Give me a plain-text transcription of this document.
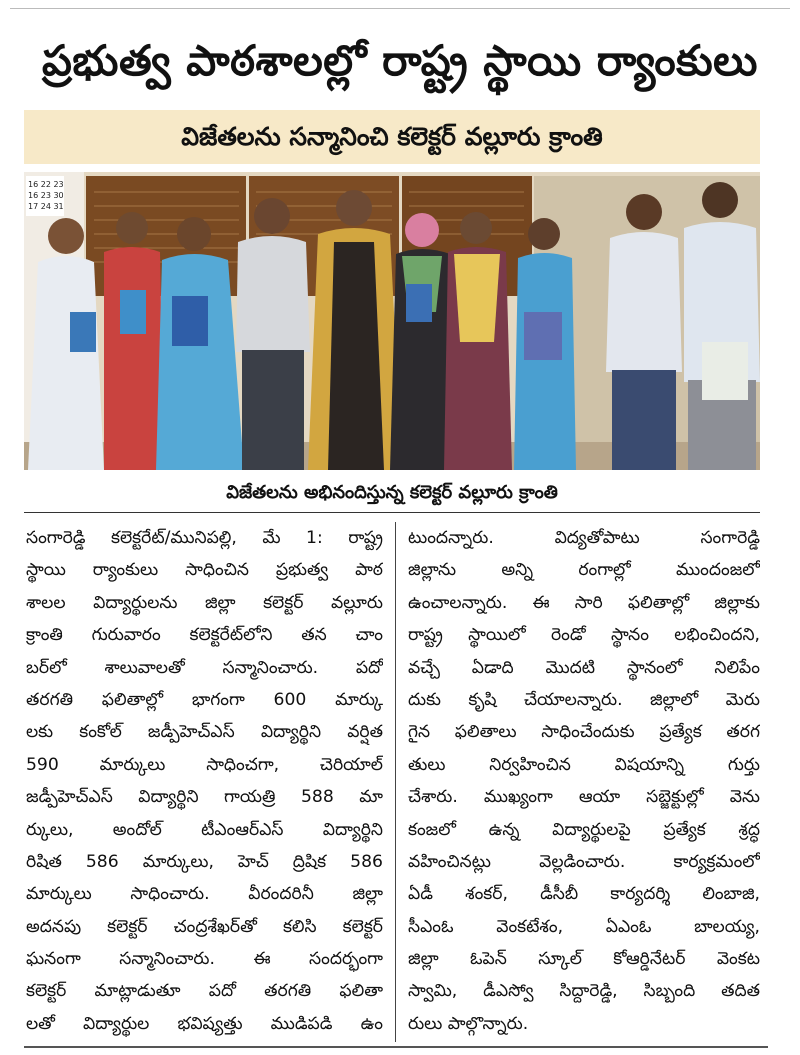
ప్రభుత్వ పాఠశాలల్లో రాష్ట్ర స్థాయి ర్యాంకులు
విజేతలను సన్మానించి కలెక్టర్ వల్లూరు క్రాంతి
16 22 23
16 23 30
17 24 31
విజేతలను అభినందిస్తున్న కలెక్టర్ వల్లూరు క్రాంతి
సంగారెడ్డి కలెక్టరేట్/మునిపల్లి, మే 1: రాష్ట్ర
స్థాయి ర్యాంకులు సాధించిన ప్రభుత్వ పాఠ
శాలల విద్యార్థులను జిల్లా కలెక్టర్ వల్లూరు
క్రాంతి గురువారం కలెక్టరేట్‌లోని తన చాం
బర్‌లో శాలువాలతో సన్మానించారు. పదో
తరగతి ఫలితాల్లో భాగంగా 600 మార్కు
లకు కంకోల్ జడ్పీహెచ్‌ఎస్ విద్యార్థిని వర్షిత
590 మార్కులు సాధించగా, చెరియాల్
జడ్పీహెచ్‌ఎస్ విద్యార్థిని గాయత్రి 588 మా
ర్కులు, అందోల్ టీఎంఆర్‌ఎస్ విద్యార్థిని
రిషిత 586 మార్కులు, హెచ్ ద్రిషిక 586
మార్కులు సాధించారు. వీరందరినీ జిల్లా
అదనపు కలెక్టర్ చంద్రశేఖర్‌తో కలిసి కలెక్టర్
ఘనంగా సన్మానించారు. ఈ సందర్భంగా
కలెక్టర్ మాట్లాడుతూ పదో తరగతి ఫలితా
లతో విద్యార్థుల భవిష్యత్తు ముడిపడి ఉం
టుందన్నారు. విద్యతోపాటు సంగారెడ్డి
జిల్లాను అన్ని రంగాల్లో ముందంజలో
ఉంచాలన్నారు. ఈ సారి ఫలితాల్లో జిల్లాకు
రాష్ట్ర స్థాయిలో రెండో స్థానం లభించిందని,
వచ్చే ఏడాది మొదటి స్థానంలో నిలిపేం
దుకు కృషి చేయాలన్నారు. జిల్లాలో మెరు
గైన ఫలితాలు సాధించేందుకు ప్రత్యేక తరగ
తులు నిర్వహించిన విషయాన్ని గుర్తు
చేశారు. ముఖ్యంగా ఆయా సబ్జెక్టుల్లో వెను
కంజలో ఉన్న విద్యార్థులపై ప్రత్యేక శ్రద్ధ
వహించినట్లు వెల్లడించారు. కార్యక్రమంలో
ఏడీ శంకర్, డీసీబీ కార్యదర్శి లింబాజి,
సీఎంఓ వెంకటేశం, ఏఎంఓ బాలయ్య,
జిల్లా ఓపెన్ స్కూల్ కోఆర్డినేటర్ వెంకట
స్వామి, డీఎస్వో సిద్దారెడ్డి, సిబ్బంది తదిత
రులు పాల్గొన్నారు.
